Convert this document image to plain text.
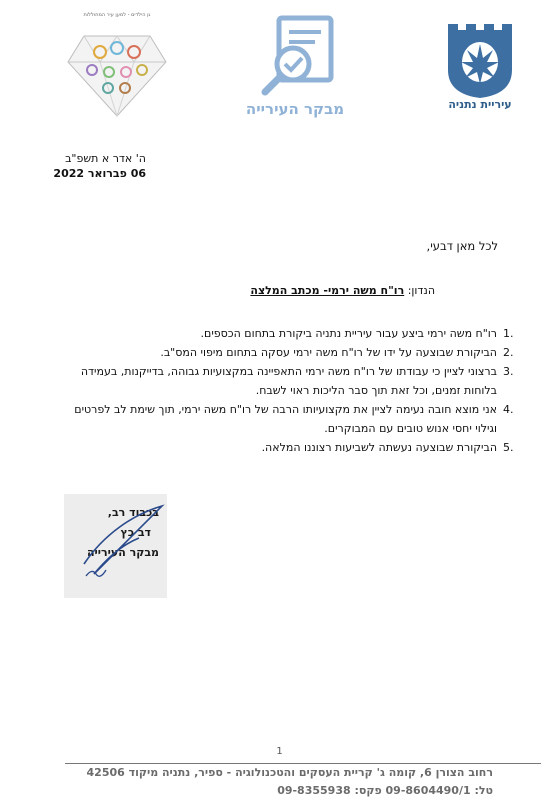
גן הילדים - למען עיר המחוללות
מבקר העירייה	עיריית נתניה
ה' אדר א תשפ"ב
06 פברואר 2022
לכל מאן דבעי,
הנדון: רו"ח משה ירמי- מכתב המלצה
1.
רו"ח משה ירמי ביצע עבור עיריית נתניה ביקורת בתחום הכספים.
2.
הביקורת שבוצעה על ידו של רו"ח משה ירמי עסקה בתחום מיפוי המס"ב.
3.
ברצוני לציין כי עבודתו של רו"ח משה ירמי התאפיינה במקצועיות גבוהה, בדייקנות, בעמידה בלוחות זמנים, וכל זאת תוך סבר הליכות ראוי לשבח.
4.
אני מוצא חובה נעימה לציין את מקצועיותו הרבה של רו"ח משה ירמי, תוך שימת לב לפרטים וגילוי יחסי אנוש טובים עם המבוקרים.
5.
הביקורת שבוצעה נעשתה לשביעות רצוננו המלאה.
בכבוד רב,
דב כץ
מבקר העירייה
1
רחוב הצורן 6, קומה ג' קריית העסקים והטכנולוגיה - ספיר, נתניה מיקוד 42506
טל: 09-8604490/1 פקס: 09-8355938
